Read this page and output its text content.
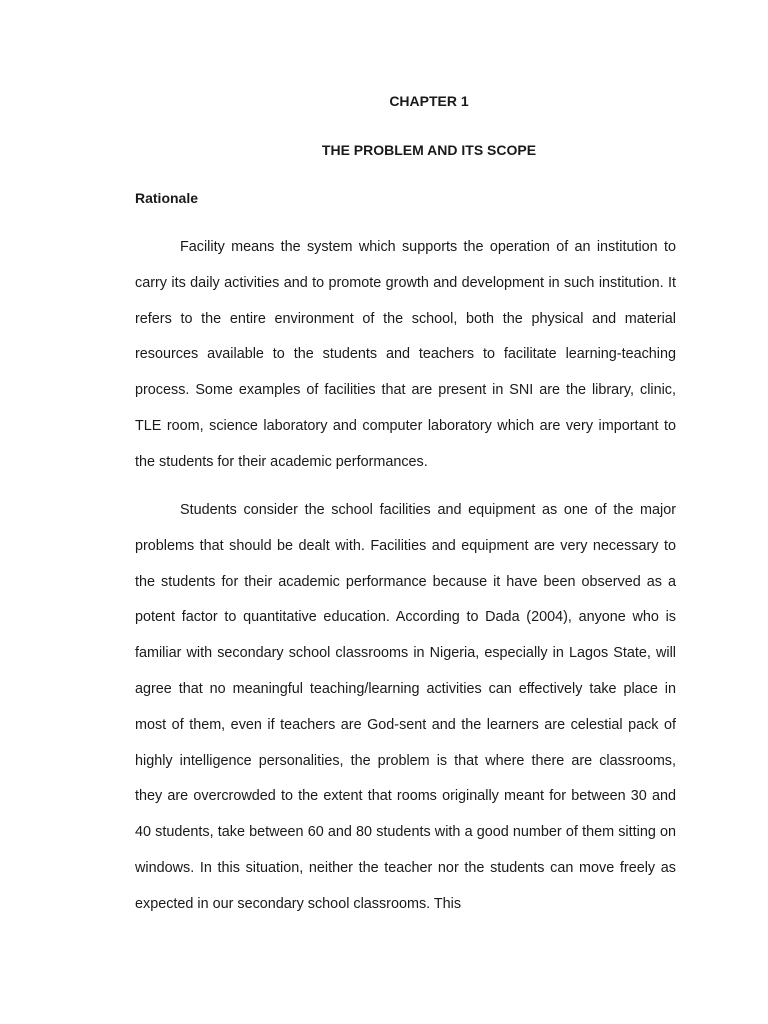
CHAPTER 1
THE PROBLEM AND ITS SCOPE
Rationale

Facility means the system which supports the operation of an institution to carry its daily activities and to promote growth and development in such institution. It refers to the entire environment of the school, both the physical and material resources available to the students and teachers to facilitate learning-teaching process. Some examples of facilities that are present in SNI are the library, clinic, TLE room, science laboratory and computer laboratory which are very important to the students for their academic performances.

Students consider the school facilities and equipment as one of the major problems that should be dealt with. Facilities and equipment are very necessary to the students for their academic performance because it have been observed as a potent factor to quantitative education. According to Dada (2004), anyone who is familiar with secondary school classrooms in Nigeria, especially in Lagos State, will agree that no meaningful teaching/learning activities can effectively take place in most of them, even if teachers are God-sent and the learners are celestial pack of highly intelligence personalities, the problem is that where there are classrooms, they are overcrowded to the extent that rooms originally meant for between 30 and 40 students, take between 60 and 80 students with a good number of them sitting on windows. In this situation, neither the teacher nor the students can move freely as expected in our secondary school classrooms. This
